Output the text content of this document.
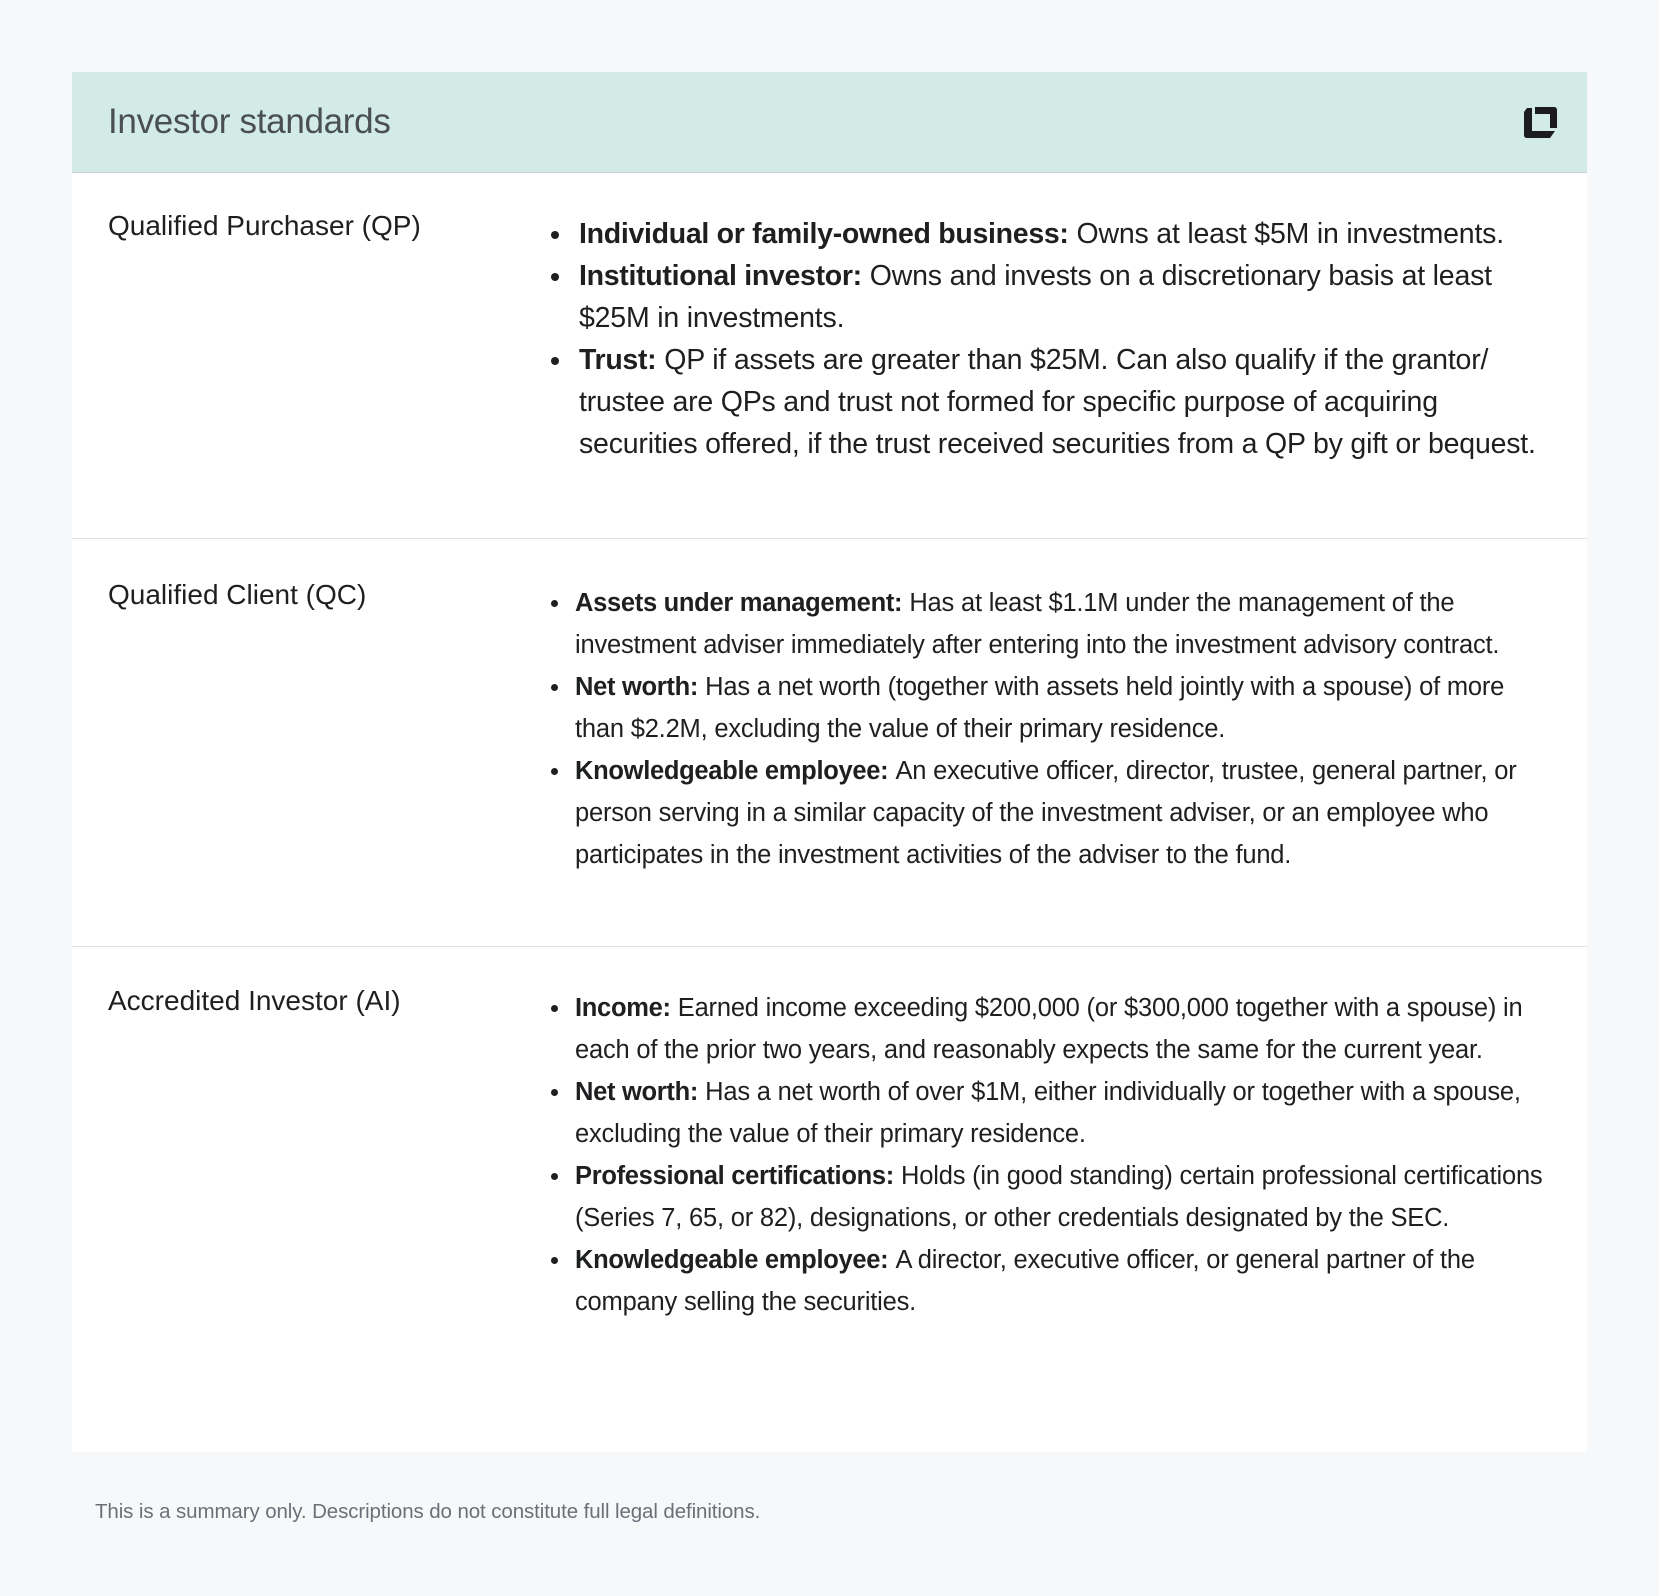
Investor standards
Qualified Purchaser (QP)	Individual or family-owned business: Owns at least $5M in investments.
Institutional investor: Owns and invests on a discretionary basis at least $25M in investments.
Trust: QP if assets are greater than $25M. Can also qualify if the grantor/ trustee are QPs and trust not formed for specific purpose of acquiring securities offered, if the trust received securities from a QP by gift or bequest.
Qualified Client (QC)	Assets under management: Has at least $1.1M under the management of the investment adviser immediately after entering into the investment advisory contract.
Net worth: Has a net worth (together with assets held jointly with a spouse) of more than $2.2M, excluding the value of their primary residence.
Knowledgeable employee: An executive officer, director, trustee, general partner, or person serving in a similar capacity of the investment adviser, or an employee who participates in the investment activities of the adviser to the fund.
Accredited Investor (AI)	Income: Earned income exceeding $200,000 (or $300,000 together with a spouse) in each of the prior two years, and reasonably expects the same for the current year.
Net worth: Has a net worth of over $1M, either individually or together with a spouse, excluding the value of their primary residence.
Professional certifications: Holds (in good standing) certain professional certifications (Series 7, 65, or 82), designations, or other credentials designated by the SEC.
Knowledgeable employee: A director, executive officer, or general partner of the company selling the securities.
This is a summary only. Descriptions do not constitute full legal definitions.
